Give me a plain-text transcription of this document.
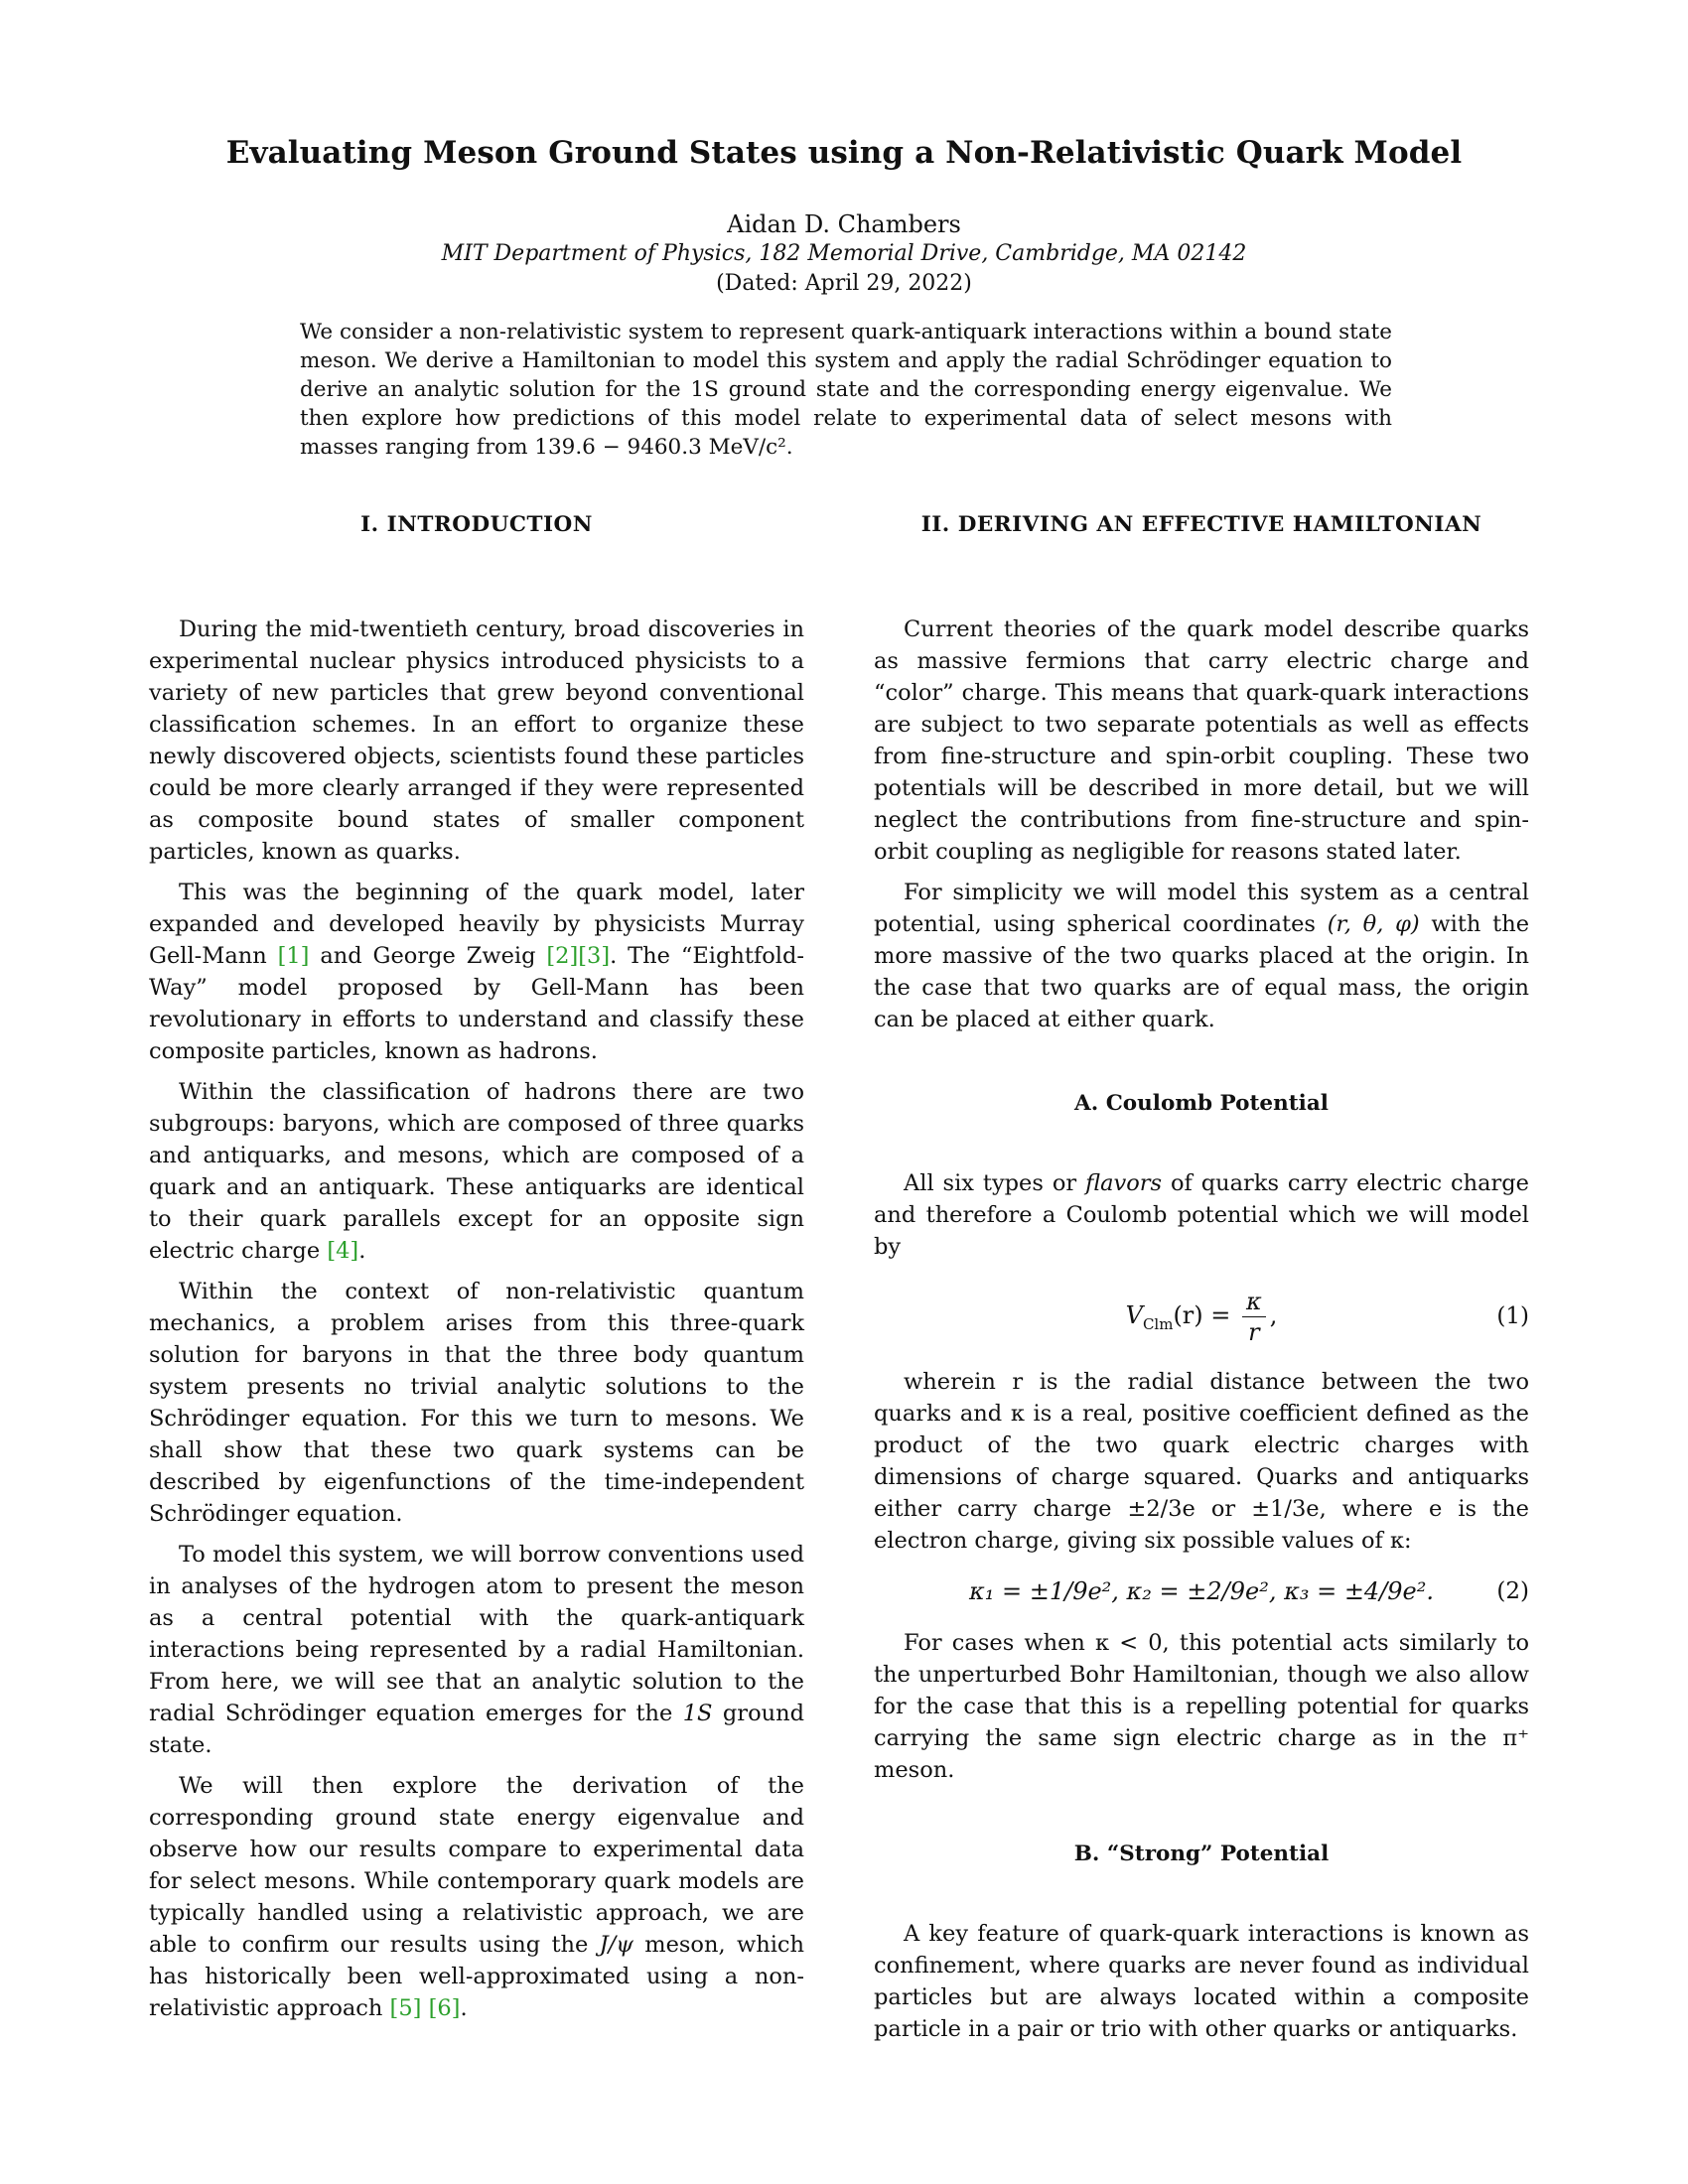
Evaluating Meson Ground States using a Non-Relativistic Quark Model
Aidan D. Chambers
MIT Department of Physics, 182 Memorial Drive, Cambridge, MA 02142
(Dated: April 29, 2022)
We consider a non-relativistic system to represent quark-antiquark interactions within a bound state meson. We derive a Hamiltonian to model this system and apply the radial Schrödinger equation to derive an analytic solution for the 1S ground state and the corresponding energy eigenvalue. We then explore how predictions of this model relate to experimental data of select mesons with masses ranging from 139.6 − 9460.3 MeV/c².
I. INTRODUCTION

During the mid-twentieth century, broad discoveries in experimental nuclear physics introduced physicists to a variety of new particles that grew beyond conventional classification schemes. In an effort to organize these newly discovered objects, scientists found these particles could be more clearly arranged if they were represented as composite bound states of smaller component particles, known as quarks.

This was the beginning of the quark model, later expanded and developed heavily by physicists Murray Gell-Mann [1] and George Zweig [2][3]. The “Eightfold-Way” model proposed by Gell-Mann has been revolutionary in efforts to understand and classify these composite particles, known as hadrons.

Within the classification of hadrons there are two subgroups: baryons, which are composed of three quarks and antiquarks, and mesons, which are composed of a quark and an antiquark. These antiquarks are identical to their quark parallels except for an opposite sign electric charge [4].

Within the context of non-relativistic quantum mechanics, a problem arises from this three-quark solution for baryons in that the three body quantum system presents no trivial analytic solutions to the Schrödinger equation. For this we turn to mesons. We shall show that these two quark systems can be described by eigenfunctions of the time-independent Schrödinger equation.

To model this system, we will borrow conventions used in analyses of the hydrogen atom to present the meson as a central potential with the quark-antiquark interactions being represented by a radial Hamiltonian. From here, we will see that an analytic solution to the radial Schrödinger equation emerges for the 1S ground state.

We will then explore the derivation of the corresponding ground state energy eigenvalue and observe how our results compare to experimental data for select mesons. While contemporary quark models are typically handled using a relativistic approach, we are able to confirm our results using the J/ψ meson, which has historically been well-approximated using a non-relativistic approach [5] [6].

II. DERIVING AN EFFECTIVE HAMILTONIAN

Current theories of the quark model describe quarks as massive fermions that carry electric charge and “color” charge. This means that quark-quark interactions are subject to two separate potentials as well as effects from fine-structure and spin-orbit coupling. These two potentials will be described in more detail, but we will neglect the contributions from fine-structure and spin-orbit coupling as negligible for reasons stated later.

For simplicity we will model this system as a central potential, using spherical coordinates (r, θ, φ) with the more massive of the two quarks placed at the origin. In the case that two quarks are of equal mass, the origin can be placed at either quark.

A. Coulomb Potential

All six types or flavors of quarks carry electric charge and therefore a Coulomb potential which we will model by

$V_{Clm}(r) = \frac{\kappa}{r}$ ,	(1)

wherein r is the radial distance between the two quarks and κ is a real, positive coefficient defined as the product of the two quark electric charges with dimensions of charge squared. Quarks and antiquarks either carry charge ±2/3e or ±1/3e, where e is the electron charge, giving six possible values of κ:

κ₁ = ±1/9e², κ₂ = ±2/9e², κ₃ = ±4/9e².	(2)

For cases when κ < 0, this potential acts similarly to the unperturbed Bohr Hamiltonian, though we also allow for the case that this is a repelling potential for quarks carrying the same sign electric charge as in the π⁺ meson.

B. “Strong” Potential

A key feature of quark-quark interactions is known as confinement, where quarks are never found as individual particles but are always located within a composite particle in a pair or trio with other quarks or antiquarks.
